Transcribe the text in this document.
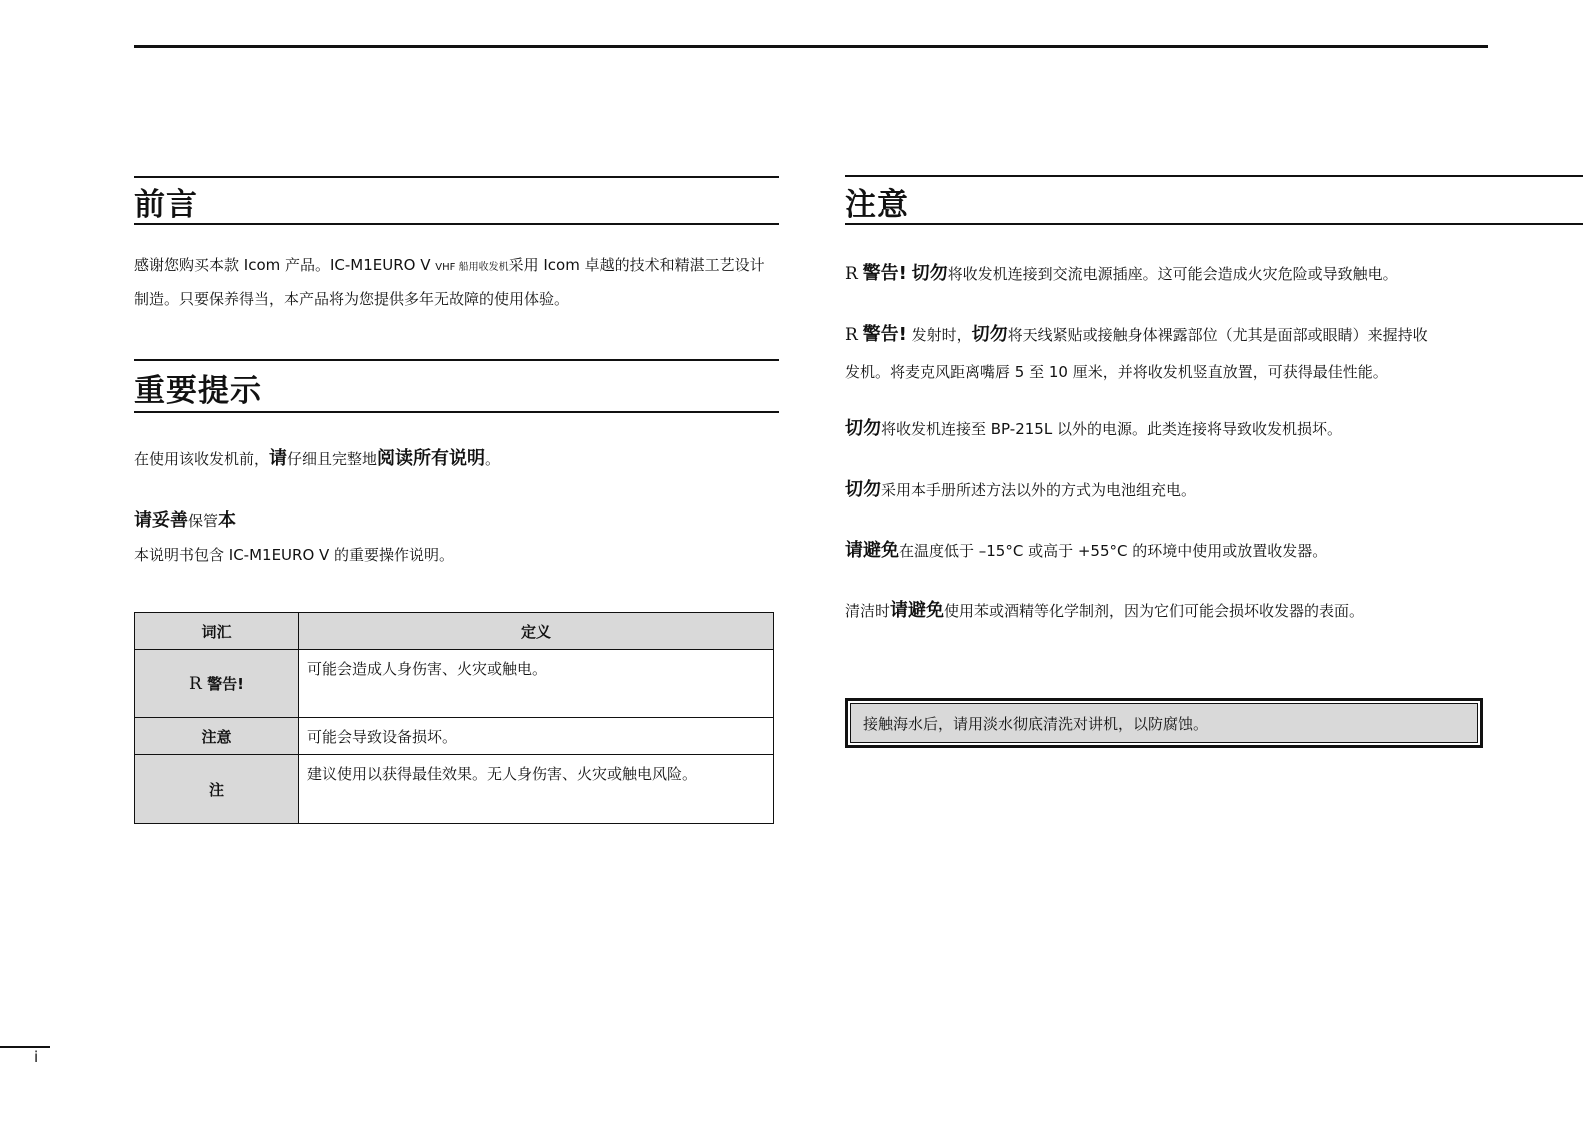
前言
感谢您购买本款 Icom 产品。IC-M1EURO V VHF 船用收发机采用 Icom 卓越的技术和精湛工艺设计
制造。只要保养得当，本产品将为您提供多年无故障的使用体验。
重要提示
在使用该收发机前，请仔细且完整地阅读所有说明。
请妥善保管本
本说明书包含 IC-M1EURO V 的重要操作说明。
词汇	定义
R 警告!	可能会造成人身伤害、火灾或触电。
注意	可能会导致设备损坏。
注	建议使用以获得最佳效果。无人身伤害、火灾或触电风险。
注意
R 警告! 切勿将收发机连接到交流电源插座。这可能会造成火灾危险或导致触电。
R 警告! 发射时，切勿将天线紧贴或接触身体裸露部位（尤其是面部或眼睛）来握持收
发机。将麦克风距离嘴唇 5 至 10 厘米，并将收发机竖直放置，可获得最佳性能。
切勿将收发机连接至 BP-215L 以外的电源。此类连接将导致收发机损坏。
切勿采用本手册所述方法以外的方式为电池组充电。
请避免在温度低于 –15°C 或高于 +55°C 的环境中使用或放置收发器。
清洁时请避免使用苯或酒精等化学制剂，因为它们可能会损坏收发器的表面。
接触海水后，请用淡水彻底清洗对讲机，以防腐蚀。
i
